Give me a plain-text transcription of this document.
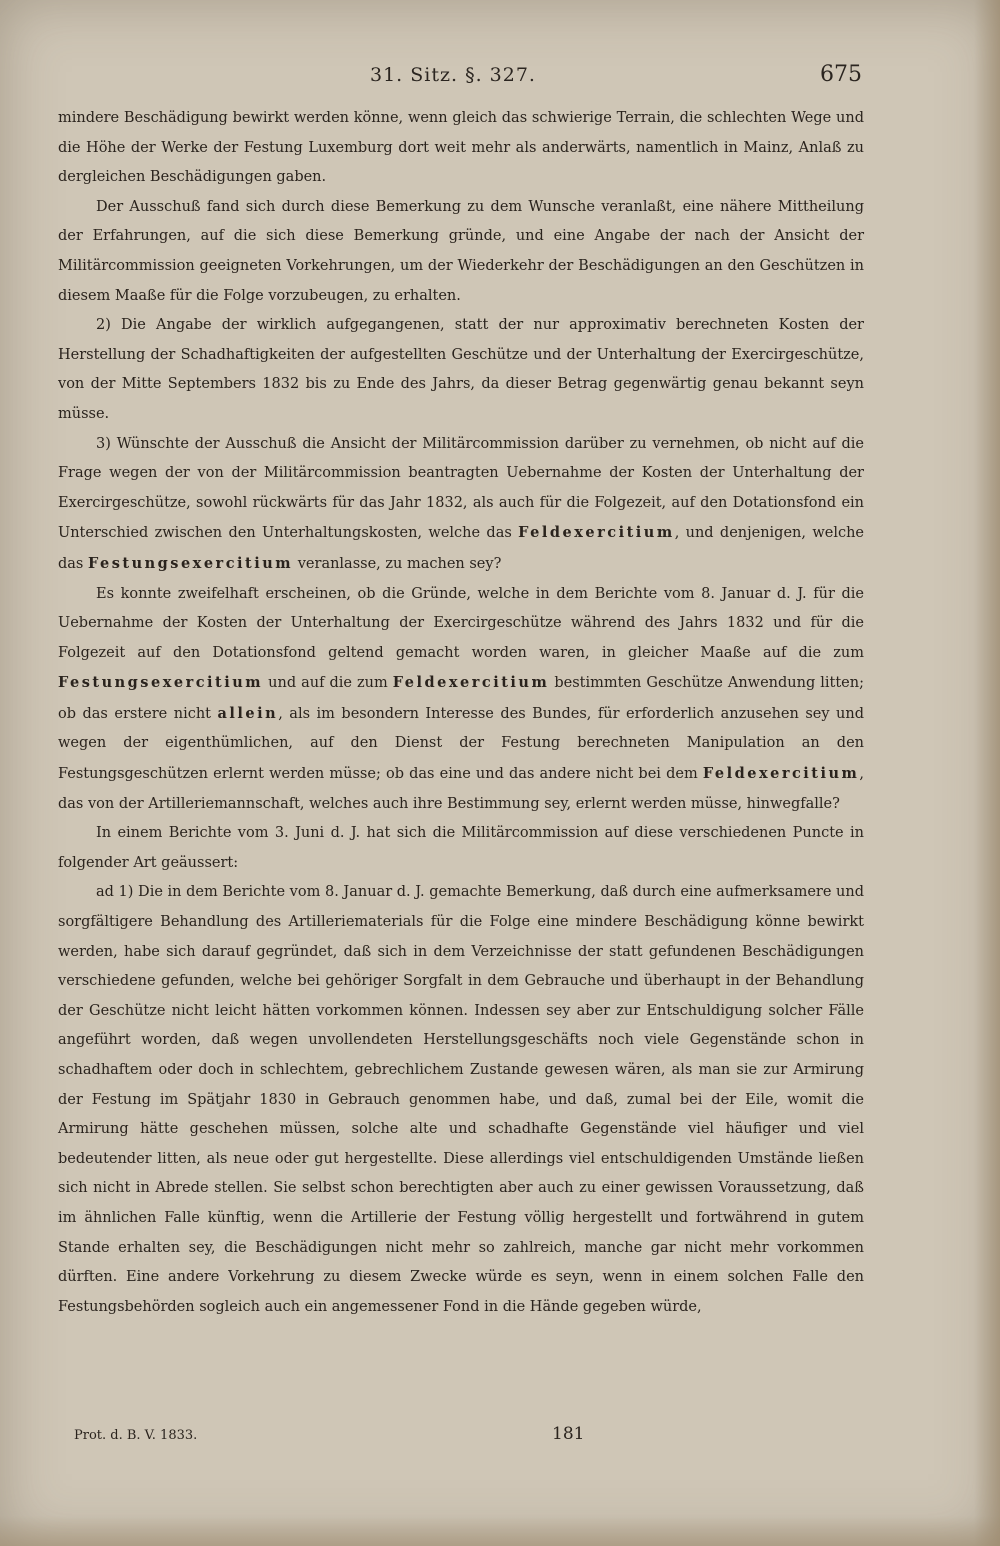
31. Sitz. §. 327.	675

mindere Beschädigung bewirkt werden könne, wenn gleich das schwierige Terrain, die schlechten Wege und die Höhe der Werke der Festung Luxemburg dort weit mehr als anderwärts, namentlich in Mainz, Anlaß zu dergleichen Beschädigungen gaben.

Der Ausschuß fand sich durch diese Bemerkung zu dem Wunsche veranlaßt, eine nähere Mittheilung der Erfahrungen, auf die sich diese Bemerkung gründe, und eine Angabe der nach der Ansicht der Militärcommission geeigneten Vorkehrungen, um der Wiederkehr der Beschädigungen an den Geschützen in diesem Maaße für die Folge vorzubeugen, zu erhalten.

2) Die Angabe der wirklich aufgegangenen, statt der nur approximativ berechneten Kosten der Herstellung der Schadhaftigkeiten der aufgestellten Geschütze und der Unterhaltung der Exercirgeschütze, von der Mitte Septembers 1832 bis zu Ende des Jahrs, da dieser Betrag gegenwärtig genau bekannt seyn müsse.

3) Wünschte der Ausschuß die Ansicht der Militärcommission darüber zu vernehmen, ob nicht auf die Frage wegen der von der Militärcommission beantragten Uebernahme der Kosten der Unterhaltung der Exercirgeschütze, sowohl rückwärts für das Jahr 1832, als auch für die Folgezeit, auf den Dotationsfond ein Unterschied zwischen den Unterhaltungskosten, welche das Feldexercitium, und denjenigen, welche das Festungsexercitium veranlasse, zu machen sey?

Es konnte zweifelhaft erscheinen, ob die Gründe, welche in dem Berichte vom 8. Januar d. J. für die Uebernahme der Kosten der Unterhaltung der Exercirgeschütze während des Jahrs 1832 und für die Folgezeit auf den Dotationsfond geltend gemacht worden waren, in gleicher Maaße auf die zum Festungsexercitium und auf die zum Feldexercitium bestimmten Geschütze Anwendung litten; ob das erstere nicht allein, als im besondern Interesse des Bundes, für erforderlich anzusehen sey und wegen der eigenthümlichen, auf den Dienst der Festung berechneten Manipulation an den Festungsgeschützen erlernt werden müsse; ob das eine und das andere nicht bei dem Feldexercitium, das von der Artilleriemannschaft, welches auch ihre Bestimmung sey, erlernt werden müsse, hinwegfalle?

In einem Berichte vom 3. Juni d. J. hat sich die Militärcommission auf diese verschiedenen Puncte in folgender Art geäussert:

ad 1) Die in dem Berichte vom 8. Januar d. J. gemachte Bemerkung, daß durch eine aufmerksamere und sorgfältigere Behandlung des Artilleriematerials für die Folge eine mindere Beschädigung könne bewirkt werden, habe sich darauf gegründet, daß sich in dem Verzeichnisse der statt gefundenen Beschädigungen verschiedene gefunden, welche bei gehöriger Sorgfalt in dem Gebrauche und überhaupt in der Behandlung der Geschütze nicht leicht hätten vorkommen können. Indessen sey aber zur Entschuldigung solcher Fälle angeführt worden, daß wegen unvollendeten Herstellungsgeschäfts noch viele Gegenstände schon in schadhaftem oder doch in schlechtem, gebrechlichem Zustande gewesen wären, als man sie zur Armirung der Festung im Spätjahr 1830 in Gebrauch genommen habe, und daß, zumal bei der Eile, womit die Armirung hätte geschehen müssen, solche alte und schadhafte Gegenstände viel häufiger und viel bedeutender litten, als neue oder gut hergestellte. Diese allerdings viel entschuldigenden Umstände ließen sich nicht in Abrede stellen. Sie selbst schon berechtigten aber auch zu einer gewissen Voraussetzung, daß im ähnlichen Falle künftig, wenn die Artillerie der Festung völlig hergestellt und fortwährend in gutem Stande erhalten sey, die Beschädigungen nicht mehr so zahlreich, manche gar nicht mehr vorkommen dürften. Eine andere Vorkehrung zu diesem Zwecke würde es seyn, wenn in einem solchen Falle den Festungsbehörden sogleich auch ein angemessener Fond in die Hände gegeben würde,

Prot. d. B. V. 1833.	181
